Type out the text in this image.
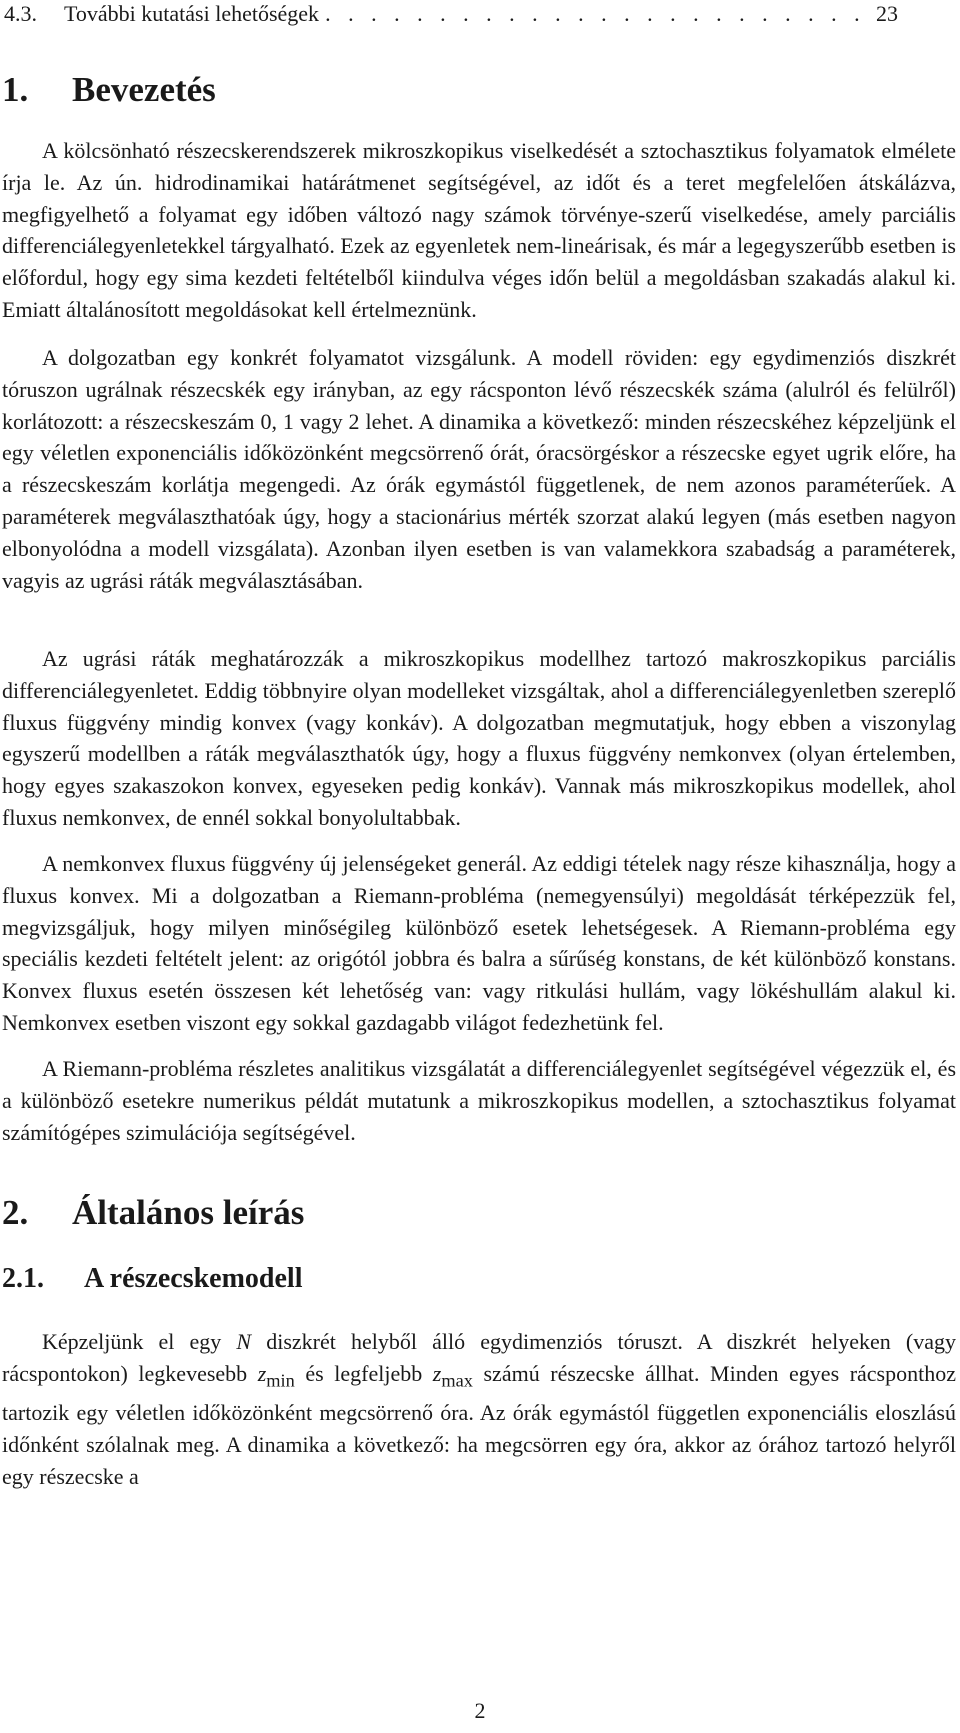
4.3.	További kutatási lehetőségek
. . .	23
1. Bevezetés

A kölcsönható részecskerendszerek mikroszkopikus viselkedését a sztochasztikus folyamatok elmélete írja le. Az ún. hidrodinamikai határátmenet segítségével, az időt és a teret megfelelően átskálázva, megfigyelhető a folyamat egy időben változó nagy számok törvénye-szerű viselkedése, amely parciális differenciálegyenletekkel tárgyalható. Ezek az egyenletek nem-lineárisak, és már a legegyszerűbb esetben is előfordul, hogy egy sima kezdeti feltételből kiindulva véges időn belül a megoldásban szakadás alakul ki. Emiatt általánosított megoldásokat kell értelmeznünk.

A dolgozatban egy konkrét folyamatot vizsgálunk. A modell röviden: egy egydimenziós diszkrét tóruszon ugrálnak részecskék egy irányban, az egy rácsponton lévő részecskék száma (alulról és felülről) korlátozott: a részecskeszám 0, 1 vagy 2 lehet. A dinamika a következő: minden részecskéhez képzeljünk el egy véletlen exponenciális időközönként megcsörrenő órát, óracsörgéskor a részecske egyet ugrik előre, ha a részecskeszám korlátja megengedi. Az órák egymástól függetlenek, de nem azonos paraméterűek. A paraméterek megválaszthatóak úgy, hogy a stacionárius mérték szorzat alakú legyen (más esetben nagyon elbonyolódna a modell vizsgálata). Azonban ilyen esetben is van valamekkora szabadság a paraméterek, vagyis az ugrási ráták megválasztásában.

Az ugrási ráták meghatározzák a mikroszkopikus modellhez tartozó makroszkopikus parciális differenciálegyenletet. Eddig többnyire olyan modelleket vizsgáltak, ahol a differenciálegyenletben szereplő fluxus függvény mindig konvex (vagy konkáv). A dolgozatban megmutatjuk, hogy ebben a viszonylag egyszerű modellben a ráták megválaszthatók úgy, hogy a fluxus függvény nemkonvex (olyan értelemben, hogy egyes szakaszokon konvex, egyeseken pedig konkáv). Vannak más mikroszkopikus modellek, ahol fluxus nemkonvex, de ennél sokkal bonyolultabbak.

A nemkonvex fluxus függvény új jelenségeket generál. Az eddigi tételek nagy része kihasználja, hogy a fluxus konvex. Mi a dolgozatban a Riemann-probléma (nemegyensúlyi) megoldását térképezzük fel, megvizsgáljuk, hogy milyen minőségileg különböző esetek lehetségesek. A Riemann-probléma egy speciális kezdeti feltételt jelent: az origótól jobbra és balra a sűrűség konstans, de két különböző konstans. Konvex fluxus esetén összesen két lehetőség van: vagy ritkulási hullám, vagy lökéshullám alakul ki. Nemkonvex esetben viszont egy sokkal gazdagabb világot fedezhetünk fel.

A Riemann-probléma részletes analitikus vizsgálatát a differenciálegyenlet segítségével végezzük el, és a különböző esetekre numerikus példát mutatunk a mikroszkopikus modellen, a sztochasztikus folyamat számítógépes szimulációja segítségével.

2. Általános leírás
2.1. A részecskemodell

Képzeljünk el egy N diszkrét helyből álló egydimenziós tóruszt. A diszkrét helyeken (vagy rácspontokon) legkevesebb $z_{min}$ és legfeljebb $z_{max}$ számú részecske állhat. Minden egyes rácsponthoz tartozik egy véletlen időközönként megcsörrenő óra. Az órák egymástól független exponenciális eloszlású időnként szólalnak meg. A dinamika a következő: ha megcsörren egy óra, akkor az órához tartozó helyről egy részecske a

2
